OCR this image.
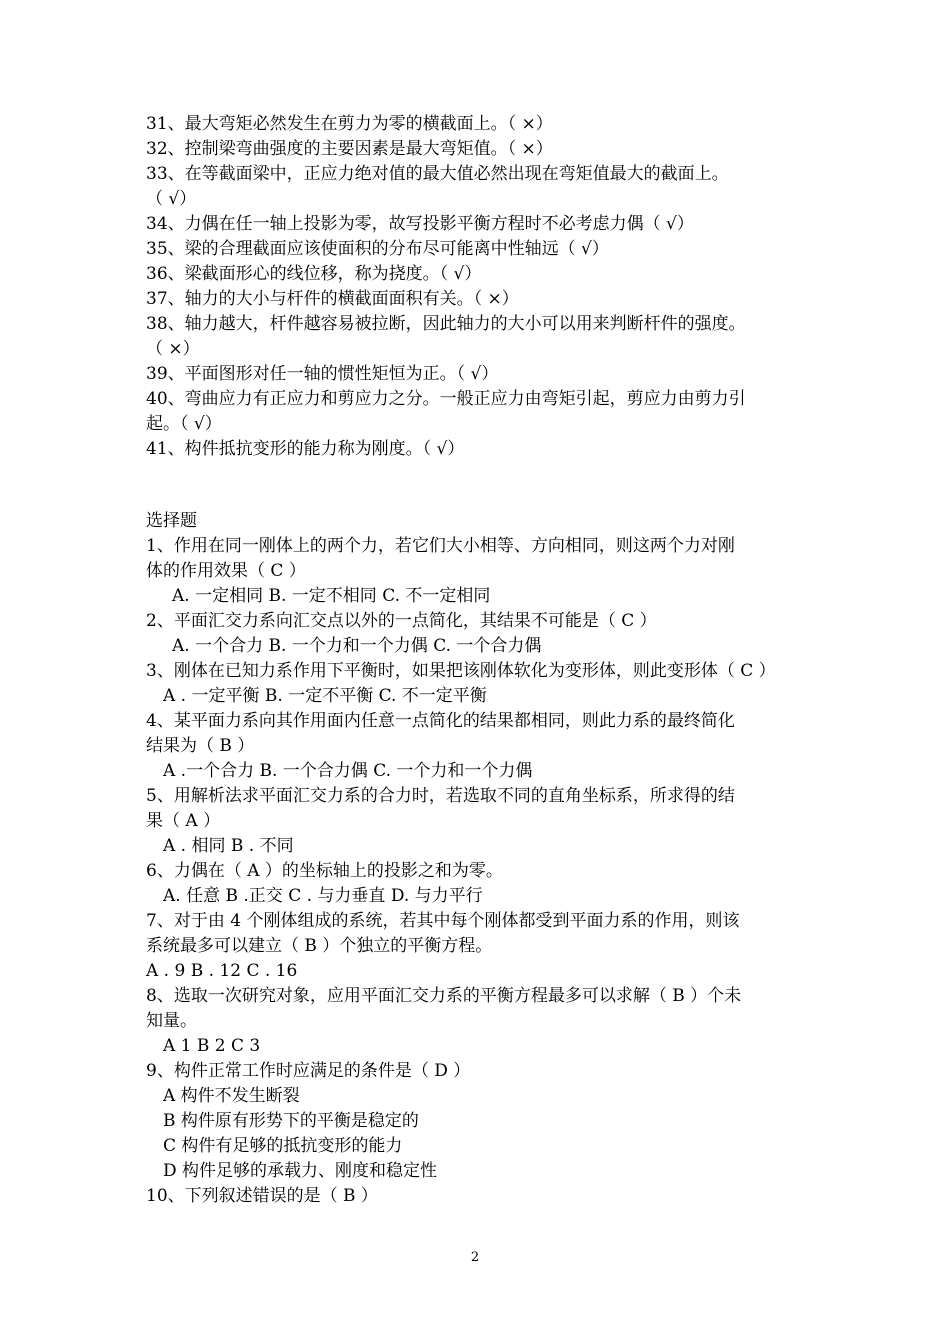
31、最大弯矩必然发生在剪力为零的横截面上。（ ×）
32、控制梁弯曲强度的主要因素是最大弯矩值。（ ×）
33、在等截面梁中，正应力绝对值的最大值必然出现在弯矩值最大的截面上。
（ √）
34、力偶在任一轴上投影为零，故写投影平衡方程时不必考虑力偶（ √）
35、梁的合理截面应该使面积的分布尽可能离中性轴远（ √）
36、梁截面形心的线位移，称为挠度。（ √）
37、轴力的大小与杆件的横截面面积有关。（ ×）
38、轴力越大，杆件越容易被拉断，因此轴力的大小可以用来判断杆件的强度。
（ ×）
39、平面图形对任一轴的惯性矩恒为正。（ √）
40、弯曲应力有正应力和剪应力之分。一般正应力由弯矩引起，剪应力由剪力引
起。（ √）
41、构件抵抗变形的能力称为刚度。（ √）
选择题
1、作用在同一刚体上的两个力，若它们大小相等、方向相同，则这两个力对刚
体的作用效果（ C ）
A. 一定相同 B. 一定不相同 C. 不一定相同
2、平面汇交力系向汇交点以外的一点简化，其结果不可能是（ C ）
A. 一个合力 B. 一个力和一个力偶 C. 一个合力偶
3、刚体在已知力系作用下平衡时，如果把该刚体软化为变形体，则此变形体（ C ）
A . 一定平衡 B. 一定不平衡 C. 不一定平衡
4、某平面力系向其作用面内任意一点简化的结果都相同，则此力系的最终简化
结果为（ B ）
A .一个合力 B. 一个合力偶 C. 一个力和一个力偶
5、用解析法求平面汇交力系的合力时，若选取不同的直角坐标系，所求得的结
果（ A ）
A . 相同 B . 不同
6、力偶在（ A ）的坐标轴上的投影之和为零。
A. 任意 B .正交 C . 与力垂直 D. 与力平行
7、对于由 4 个刚体组成的系统，若其中每个刚体都受到平面力系的作用，则该
系统最多可以建立（ B ）个独立的平衡方程。
A . 9 B . 12 C . 16
8、选取一次研究对象，应用平面汇交力系的平衡方程最多可以求解（ B ）个未
知量。
A 1 B 2 C 3
9、构件正常工作时应满足的条件是（ D ）
A 构件不发生断裂
B 构件原有形势下的平衡是稳定的
C 构件有足够的抵抗变形的能力
D 构件足够的承载力、刚度和稳定性
10、下列叙述错误的是（ B ）
2
